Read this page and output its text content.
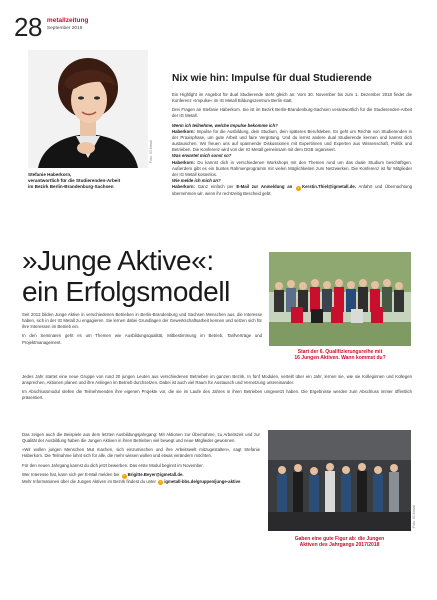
28 metallzeitung
September 2018
Foto: IG Metall
Stefanie Haberkorn,
verantwortlich für die Studierenden-Arbeit
im Bezirk Berlin-Brandenburg-Sachsen
Nix wie hin: Impulse für dual Studierende

Ein Highlight im Angebot für dual Studierende steht gleich an: Vom 30. November bis zum 1. Dezember 2018 findet die Konferenz »Impulse« im IG Metall Bildungszentrum Berlin statt.

Drei Fragen an Stefanie Haberkorn. Sie ist im Bezirk Berlin-Brandenburg-Sachsen verantwortlich für die Studierenden-Arbeit der IG Metall.

Wenn ich teilnehme, welche Impulse bekomme ich?
Haberkorn: Impulse für die Ausbildung, dein Studium, dein späteres Berufsleben. Es geht um Rechte von Studierenden in der Praxisphase, um gute Arbeit und faire Vergütung. Und du lernst andere dual Studierende kennen und kannst dich austauschen. Wir freuen uns auf spannende Diskussionen mit Expertinnen und Experten aus Wissenschaft, Politik und Betrieben. Die Konferenz wird von der IG Metall gemeinsam mit dem DGB organisiert.
Was erwartet mich sonst so?
Haberkorn: Du kannst dich in verschiedenen Workshops mit den Themen rund um das duale Studium beschäftigen. Außerdem gibt es ein buntes Rahmenprogramm mit vielen Möglichkeiten zum Netzwerken. Die Konferenz ist für Mitglieder der IG Metall kostenlos.
Wie melde ich mich an?
Haberkorn: Ganz einfach per E-Mail zur Anmeldung an › Kerstin.Thiel@igmetall.de. Anfahrt und Übernachtung übernehmen wir, wenn ihr rechtzeitig Bescheid gebt.

»Junge Aktive«:
ein Erfolgsmodell
Start der 6. Qualifizierungsreihe mit
16 Jungen Aktiven. Wann kommst du?

Seit 2012 bilden Junge Aktive in verschiedenen Betrieben in Berlin-Brandenburg und Sachsen Menschen aus, die Interesse haben, sich in der IG Metall zu engagieren. Sie lernen dabei Grundlagen der Gewerkschaftsarbeit kennen und setzen sich für ihre Interessen im Betrieb ein.

In den Seminaren geht es um Themen wie Ausbildungsqualität, Mitbestimmung im Betrieb, Tarifverträge und Projektmanagement.

Jedes Jahr startet eine neue Gruppe von rund 20 jungen Leuten aus verschiedenen Betrieben im ganzen Bezirk. In fünf Modulen, verteilt über ein Jahr, lernen sie, wie sie Kolleginnen und Kollegen ansprechen, Aktionen planen und ihre Anliegen im Betrieb durchsetzen. Dabei ist auch viel Raum für Austausch und Vernetzung untereinander.

Im Abschlussmodul stellen die Teilnehmenden ihre eigenen Projekte vor, die sie im Laufe des Jahres in ihren Betrieben umgesetzt haben. Die Ergebnisse werden zum Abschluss immer öffentlich präsentiert.

Das zeigen auch die Beispiele aus dem letzten Ausbildungsjahrgang: Mit Aktionen zur Übernahme, zu Arbeitszeit und zur Qualität der Ausbildung haben die Jungen Aktiven in ihren Betrieben viel bewegt und neue Mitglieder gewonnen.

»Wir wollen jungen Menschen Mut machen, sich einzumischen und ihre Arbeitswelt mitzugestalten«, sagt Stefanie Haberkorn. Die Teilnahme lohnt sich für alle, die mehr wissen wollen und etwas verändern möchten.

Für den neuen Jahrgang kannst du dich jetzt bewerben. Das erste Modul beginnt im November.

Wer Interesse hat, kann sich per E-Mail melden bei › Brigitte.Beyer@igmetall.de.
Mehr Informationen über die Jungen Aktiven im Bezirk findest du unter › igmetall-bbs.de/gruppen/junge-aktive

Foto: IG Metall
Gaben eine gute Figur ab: die Jungen
Aktiven des Jahrgangs 2017/2018
